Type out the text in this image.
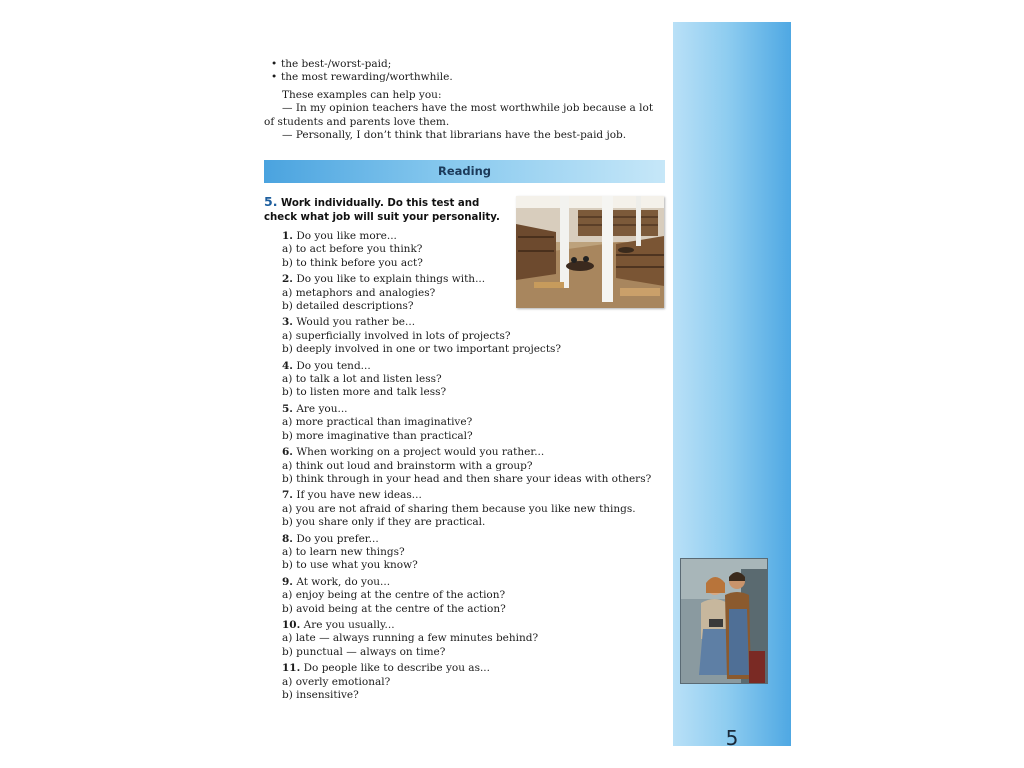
• the best-/worst-paid;
• the most rewarding/worthwhile.
These examples can help you:
— In my opinion teachers have the most worthwhile job because a lot
of students and parents love them.
— Personally, I don’t think that librarians have the best-paid job.
Reading
5. Work individually. Do this test and
check what job will suit your personality.
1. Do you like more...
a) to act before you think?
b) to think before you act?
2. Do you like to explain things with...
a) metaphors and analogies?
b) detailed descriptions?
3. Would you rather be...
a) superficially involved in lots of projects?
b) deeply involved in one or two important projects?
4. Do you tend...
a) to talk a lot and listen less?
b) to listen more and talk less?
5. Are you...
a) more practical than imaginative?
b) more imaginative than practical?
6. When working on a project would you rather...
a) think out loud and brainstorm with a group?
b) think through in your head and then share your ideas with others?
7. If you have new ideas...
a) you are not afraid of sharing them because you like new things.
b) you share only if they are practical.
8. Do you prefer...
a) to learn new things?
b) to use what you know?
9. At work, do you...
a) enjoy being at the centre of the action?
b) avoid being at the centre of the action?
10. Are you usually...
a) late — always running a few minutes behind?
b) punctual — always on time?
11. Do people like to describe you as...
a) overly emotional?
b) insensitive?
5
